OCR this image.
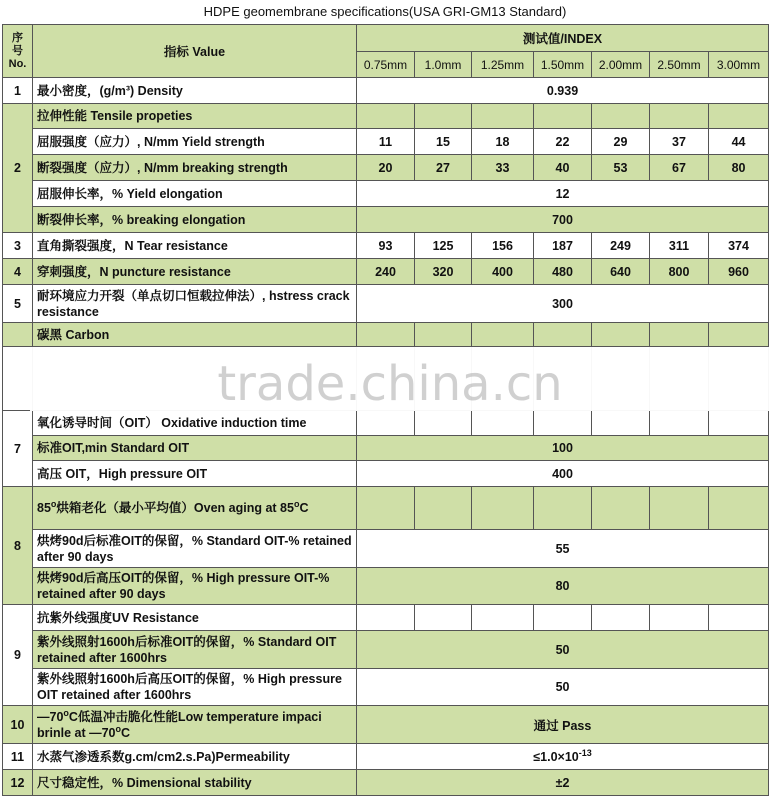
HDPE geomembrane specifications(USA GRI-GM13 Standard)
序号No.	指标 Value	测试值/INDEX						
		0.75mm	1.0mm	1.25mm	1.50mm	2.00mm	2.50mm	3.00mm
1	最小密度，(g/m³) Density	0.939						
2	拉伸性能 Tensile propeties							
	屈服强度（应力）, N/mm Yield strength	11	15	18	22	29	37	44
	断裂强度（应力）, N/mm breaking strength	20	27	33	40	53	67	80
	屈服伸长率，% Yield elongation	12						
	断裂伸长率，% breaking elongation	700						
3	直角撕裂强度，N Tear resistance	93	125	156	187	249	311	374
4	穿刺强度，N puncture resistance	240	320	400	480	640	800	960
5	耐环境应力开裂（单点切口恒载拉伸法）, hstress crack resistance	300						
	碳黑 Carbon							

7	氧化诱导时间（OIT） Oxidative induction time							
	标准OIT,min Standard OIT	100						
	高压 OIT，High pressure OIT	400						
8	85$^o$烘箱老化（最小平均值）Oven aging at 85$^o$C							
	烘烤90d后标准OIT的保留，% Standard OIT-% retained after 90 days	55						
	烘烤90d后高压OIT的保留，% High pressure OIT-% retained after 90 days	80						
9	抗紫外线强度UV Resistance							
	紫外线照射1600h后标准OIT的保留，% Standard OIT retained after 1600hrs	50						
	紫外线照射1600h后高压OIT的保留，% High pressure OIT retained after 1600hrs	50						
10	—70$^o$C低温冲击脆化性能Low temperature impaci brinle at —70$^o$C	通过 Pass						
11	水蒸气渗透系数g.cm/cm2.s.Pa)Permeability	$\le 1.0\times 10^{-13}$
12	尺寸稳定性，% Dimensional stability	±2						
trade.china.cn
